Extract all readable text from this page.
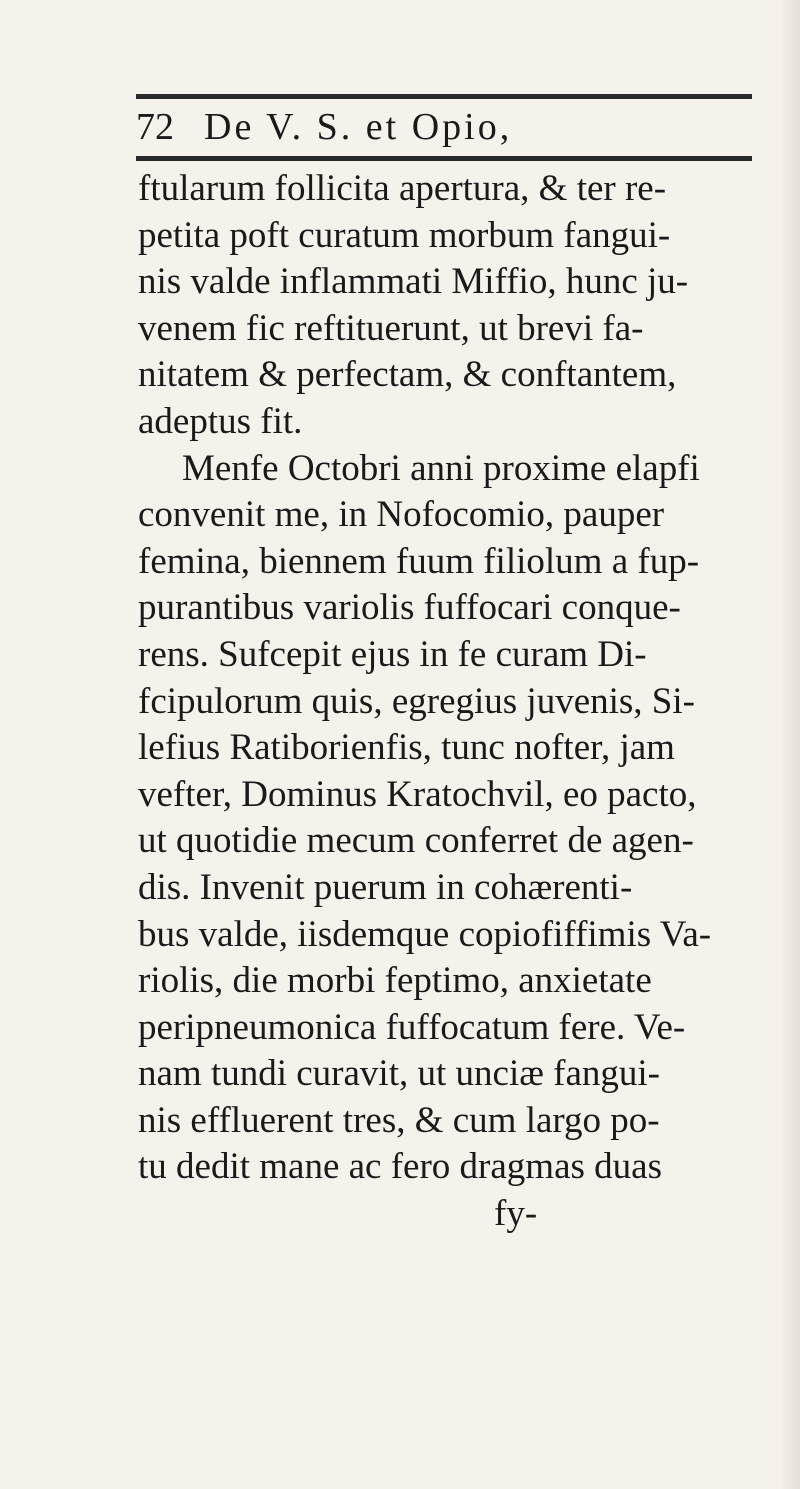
72 De V. S. et Opio,
ftularum follicita apertura, & ter re-
petita poft curatum morbum fangui-
nis valde inflammati Miffio, hunc ju-
venem fic reftituerunt, ut brevi fa-
nitatem & perfectam, & conftantem,
adeptus fit.
Menfe Octobri anni proxime elapfi
convenit me, in Nofocomio, pauper
femina, biennem fuum filiolum a fup-
purantibus variolis fuffocari conque-
rens. Sufcepit ejus in fe curam Di-
fcipulorum quis, egregius juvenis, Si-
lefius Ratiborienfis, tunc nofter, jam
vefter, Dominus Kratochvil, eo pacto,
ut quotidie mecum conferret de agen-
dis. Invenit puerum in cohærenti-
bus valde, iisdemque copiofiffimis Va-
riolis, die morbi feptimo, anxietate
peripneumonica fuffocatum fere. Ve-
nam tundi curavit, ut unciæ fangui-
nis effluerent tres, & cum largo po-
tu dedit mane ac fero dragmas duas
fy-
